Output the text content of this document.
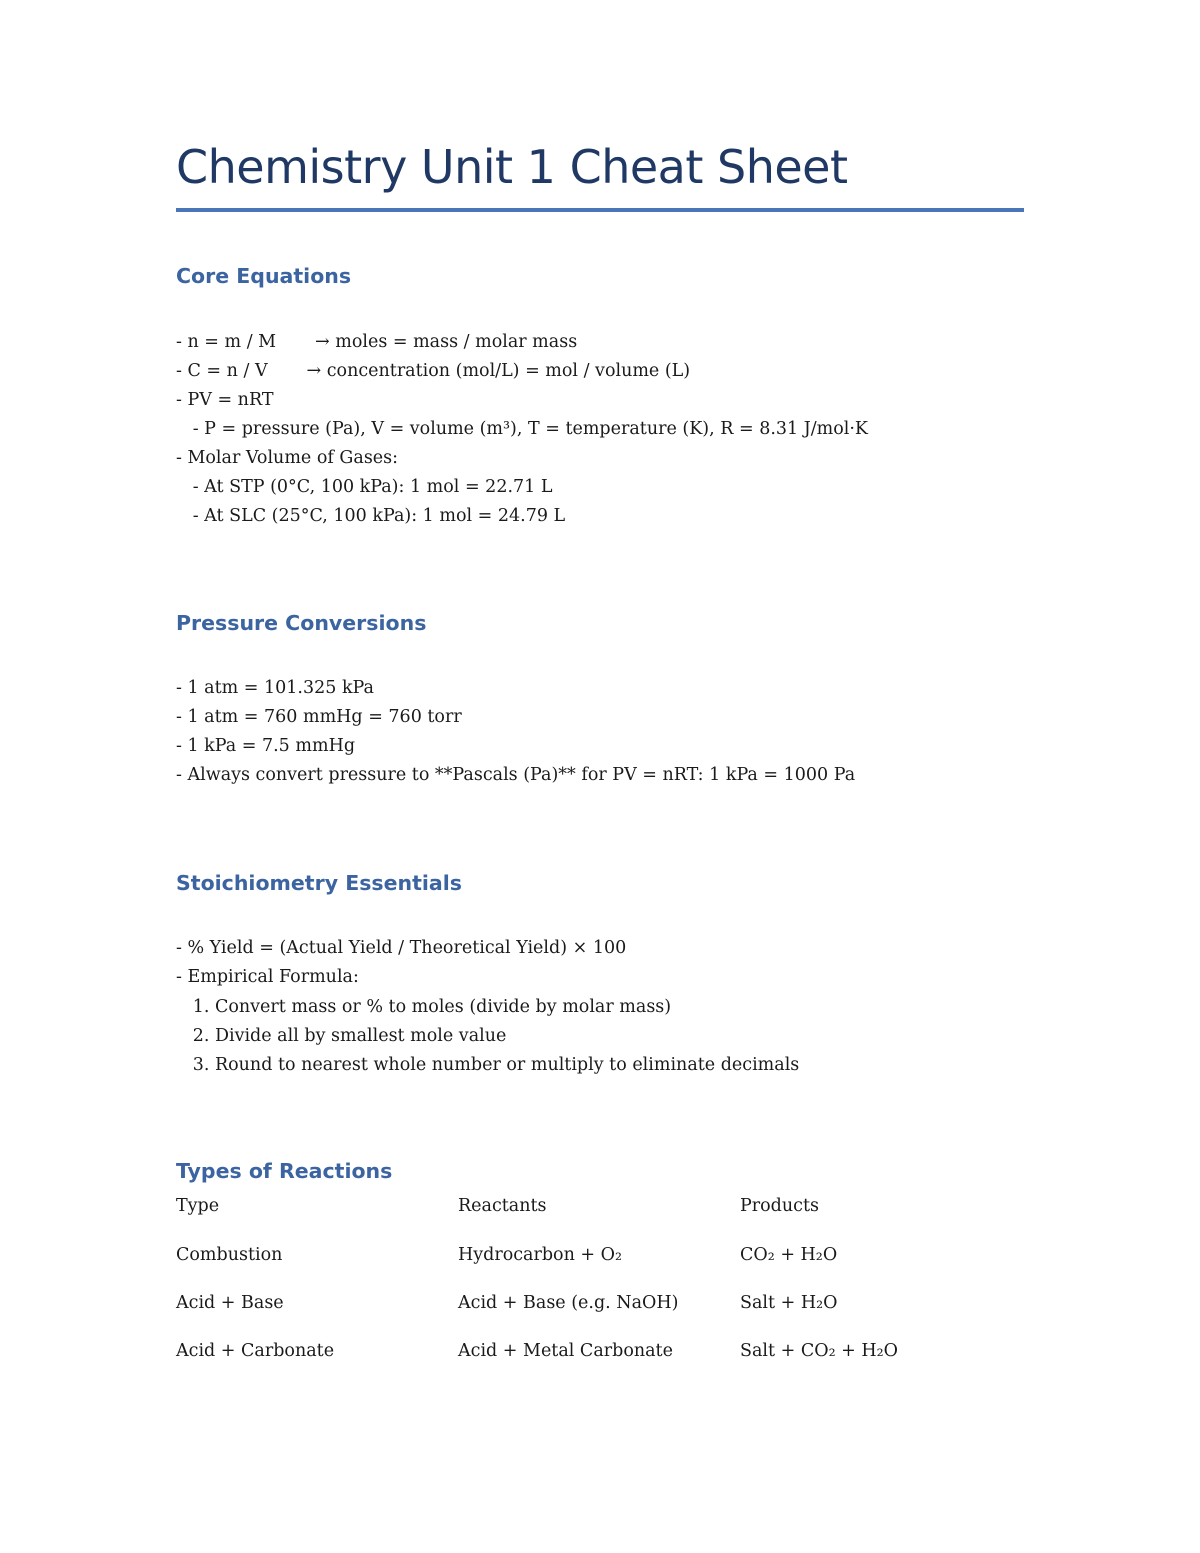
Chemistry Unit 1 Cheat Sheet
Core Equations
- n = m / M       → moles = mass / molar mass
- C = n / V       → concentration (mol/L) = mol / volume (L)
- PV = nRT
- P = pressure (Pa), V = volume (m³), T = temperature (K), R = 8.31 J/mol·K
- Molar Volume of Gases:
- At STP (0°C, 100 kPa): 1 mol = 22.71 L
- At SLC (25°C, 100 kPa): 1 mol = 24.79 L
Pressure Conversions
- 1 atm = 101.325 kPa
- 1 atm = 760 mmHg = 760 torr
- 1 kPa = 7.5 mmHg
- Always convert pressure to **Pascals (Pa)** for PV = nRT: 1 kPa = 1000 Pa
Stoichiometry Essentials
- % Yield = (Actual Yield / Theoretical Yield) × 100
- Empirical Formula:
1. Convert mass or % to moles (divide by molar mass)
2. Divide all by smallest mole value
3. Round to nearest whole number or multiply to eliminate decimals
Types of Reactions
Type	Reactants	Products
Combustion	Hydrocarbon + O₂	CO₂ + H₂O
Acid + Base	Acid + Base (e.g. NaOH)	Salt + H₂O
Acid + Carbonate	Acid + Metal Carbonate	Salt + CO₂ + H₂O
